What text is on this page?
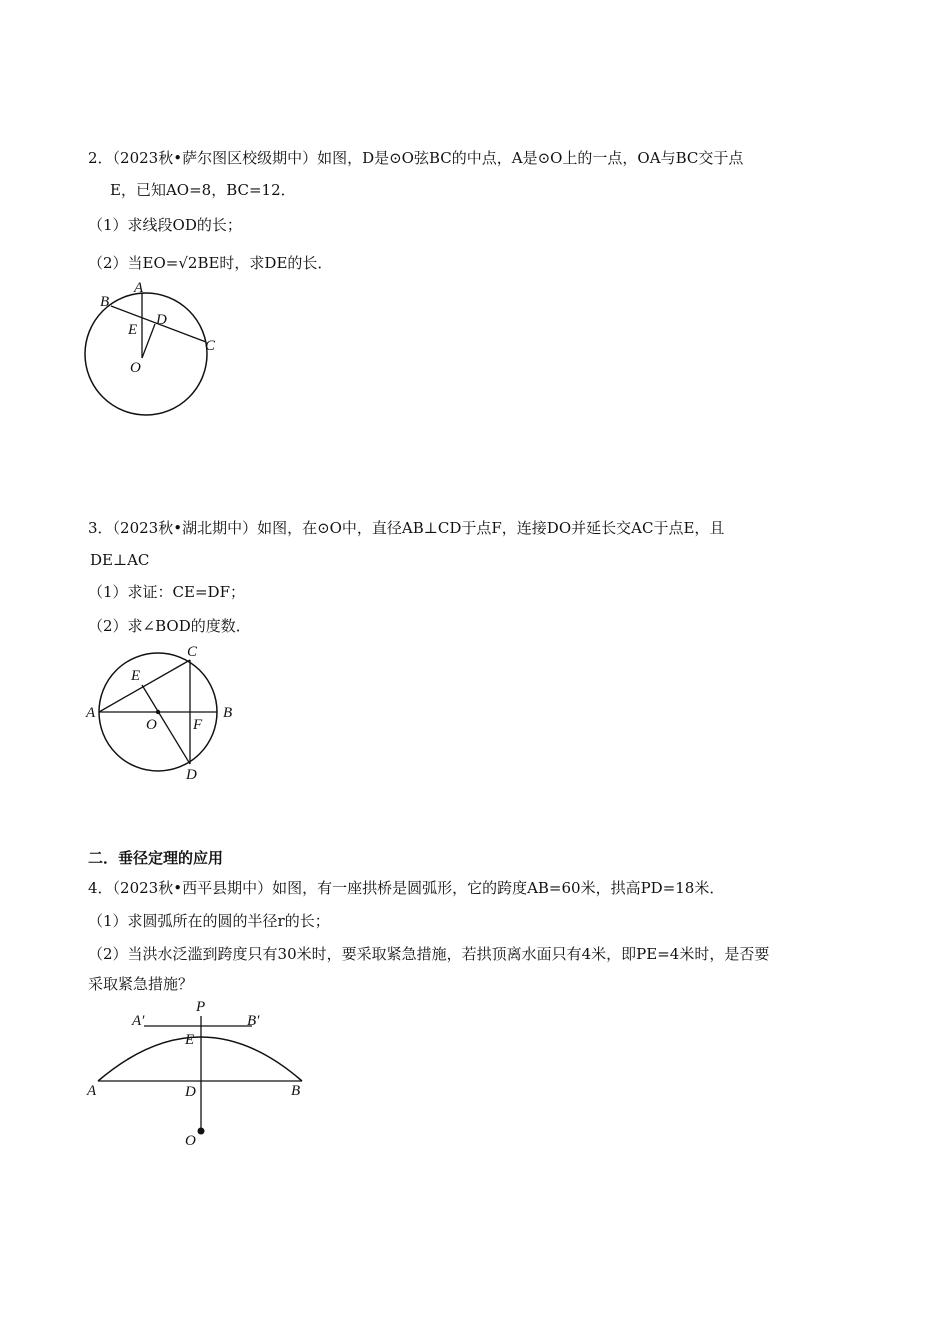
2．（2023秋•萨尔图区校级期中）如图，D是⊙O弦BC的中点，A是⊙O上的一点，OA与BC交于点
E，已知AO=8，BC=12．
（1）求线段OD的长；
（2）当EO=√2BE时，求DE的长．
A
B
E
D
C
O
3．（2023秋•湖北期中）如图，在⊙O中，直径AB⊥CD于点F，连接DO并延长交AC于点E，且
DE⊥AC
（1）求证：CE=DF；
（2）求∠BOD的度数．
C
E
A	B
O F
D
二．垂径定理的应用
4．（2023秋•西平县期中）如图，有一座拱桥是圆弧形，它的跨度AB=60米，拱高PD=18米．
（1）求圆弧所在的圆的半径r的长；
（2）当洪水泛滥到跨度只有30米时，要采取紧急措施，若拱顶离水面只有4米，即PE=4米时，是否要
采取紧急措施？
P
A′	B′
E
A	D	B
O
